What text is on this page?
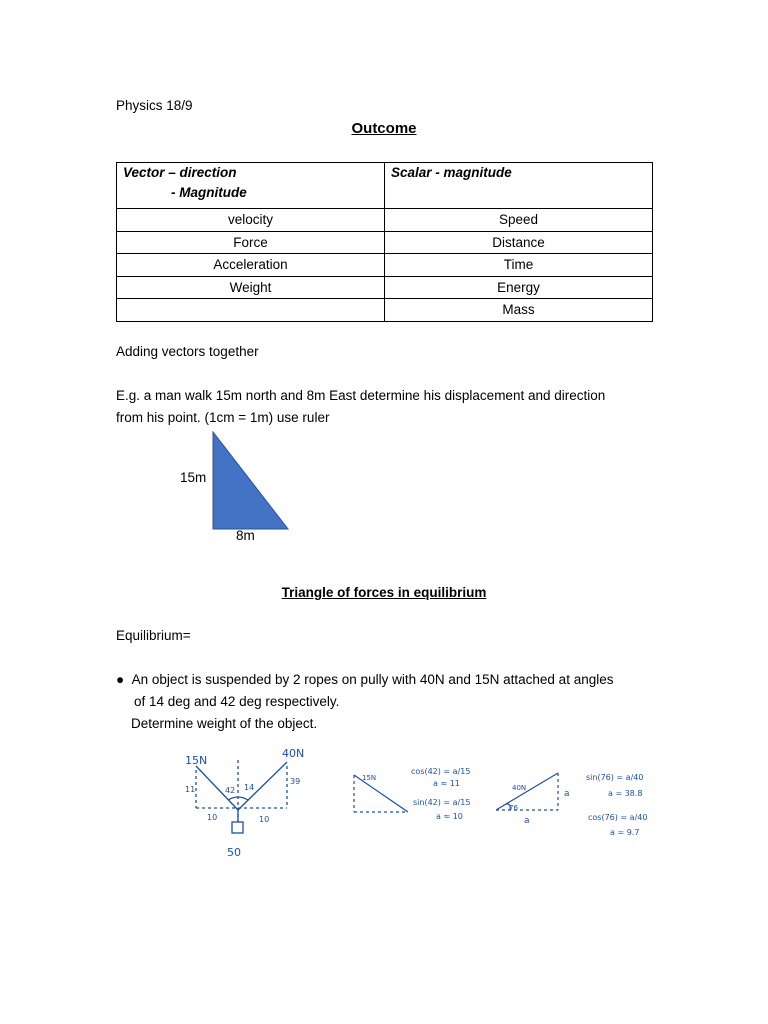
Physics 18/9
Outcome
Vector – direction
- Magnitude	Scalar - magnitude
velocity	Speed
Force	Distance
Acceleration	Time
Weight	Energy
	Mass
Adding vectors together
E.g. a man walk 15m north and 8m East determine his displacement and direction
from his point. (1cm = 1m) use ruler
15N
40N
11
39
42 14
10	10
50
15N
cos(42) = a/15
a ≈ 11
sin(42) = a/15
a ≈ 10
40N
76
a
a
sin(76) = a/40
a = 38.8
cos(76) = a/40
a = 9.7
15m
8m
Triangle of forces in equilibrium
Equilibrium=
●  An object is suspended by 2 ropes on pully with 40N and 15N attached at angles
of 14 deg and 42 deg respectively.
Determine weight of the object.
